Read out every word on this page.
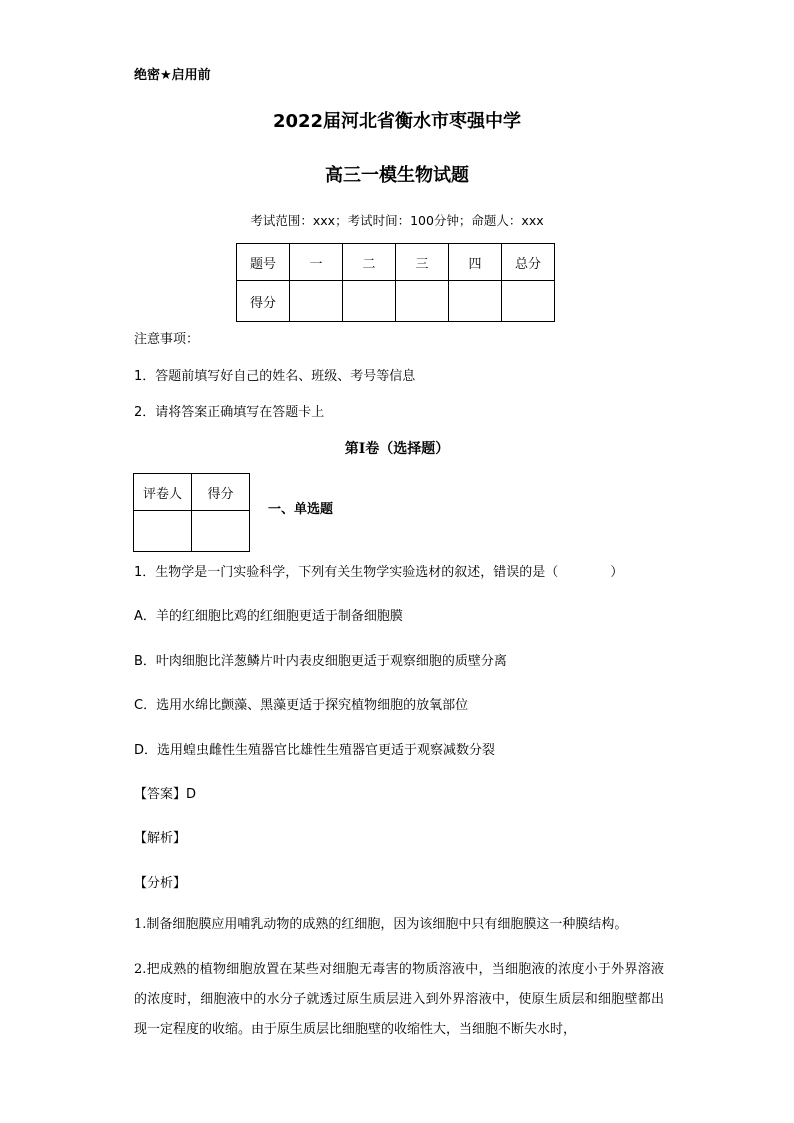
绝密★启用前
2022届河北省衡水市枣强中学
高三一模生物试题
考试范围：xxx；考试时间：100分钟；命题人：xxx
题号	一	二	三	四	总分
得分					
注意事项：
1．答题前填写好自己的姓名、班级、考号等信息
2．请将答案正确填写在答题卡上
第I卷（选择题）
评卷人	得分

一、单选题
1．生物学是一门实验科学，下列有关生物学实验选材的叙述，错误的是（　　　　）
A．羊的红细胞比鸡的红细胞更适于制备细胞膜
B．叶肉细胞比洋葱鳞片叶内表皮细胞更适于观察细胞的质壁分离
C．选用水绵比颤藻、黑藻更适于探究植物细胞的放氧部位
D．选用蝗虫雌性生殖器官比雄性生殖器官更适于观察减数分裂
【答案】D
【解析】
【分析】
1.制备细胞膜应用哺乳动物的成熟的红细胞，因为该细胞中只有细胞膜这一种膜结构。
2.把成熟的植物细胞放置在某些对细胞无毒害的物质溶液中，当细胞液的浓度小于外界溶液的浓度时，细胞液中的水分子就透过原生质层进入到外界溶液中，使原生质层和细胞壁都出现一定程度的收缩。由于原生质层比细胞壁的收缩性大，当细胞不断失水时，
